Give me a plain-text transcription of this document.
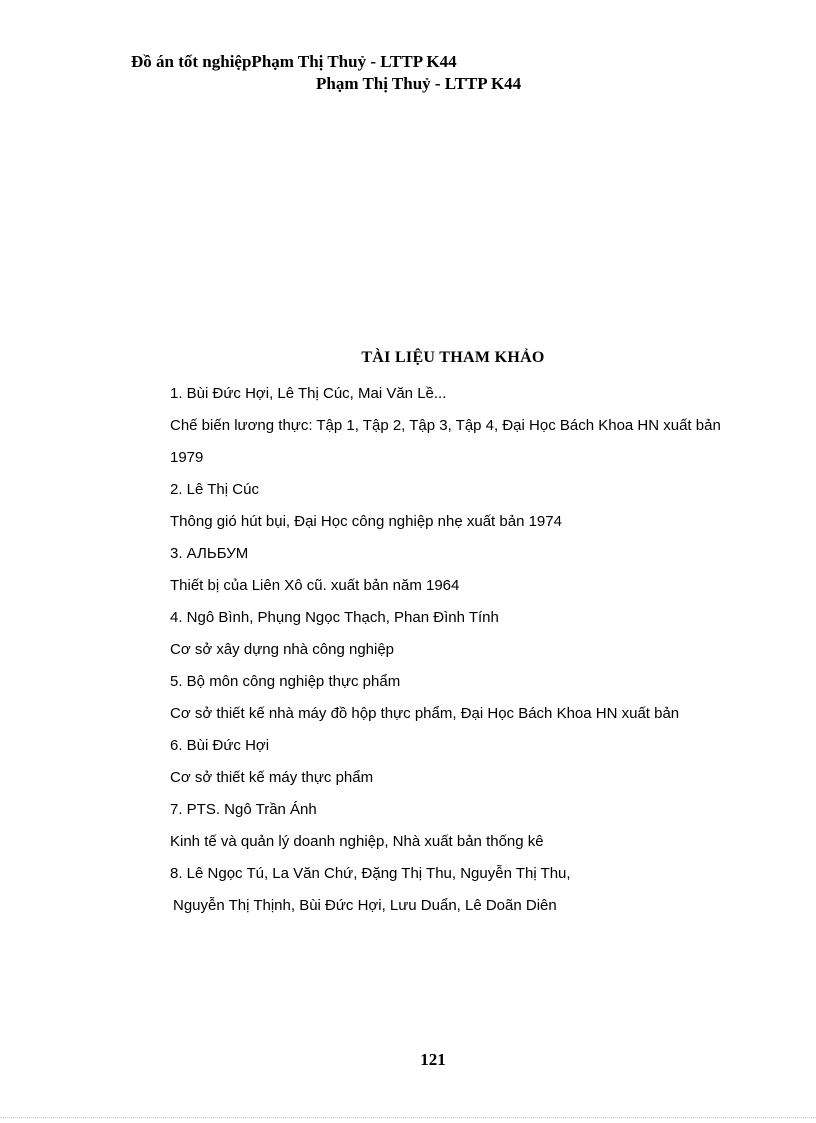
Đồ án tốt nghiệpPhạm Thị Thuỷ - LTTP K44
Phạm Thị Thuỷ - LTTP K44
TÀI LIỆU THAM KHẢO
1. Bùi Đức Hợi, Lê Thị Cúc, Mai Văn Lề...
Chế biến lương thực: Tập 1, Tập 2, Tập 3, Tập 4, Đại Học Bách Khoa HN xuất bản 1979
2. Lê Thị Cúc
Thông gió hút bụi, Đại Học công nghiệp nhẹ xuất bản 1974
3. АЛЬБУМ
Thiết bị của Liên Xô cũ. xuất bản năm 1964
4. Ngô Bình, Phụng Ngọc Thạch, Phan Đình Tính
Cơ sở xây dựng nhà công nghiệp
5. Bộ môn công nghiệp thực phẩm
Cơ sở thiết kế nhà máy đồ hộp thực phẩm, Đại Học Bách Khoa HN xuất bản
6. Bùi Đức Hợi
Cơ sở thiết kế máy thực phẩm
7. PTS. Ngô Trần Ánh
Kinh tế và quản lý doanh nghiệp, Nhà xuất bản thống kê
8. Lê Ngọc Tú, La Văn Chứ, Đặng Thị Thu, Nguyễn Thị Thu,
Nguyễn Thị Thịnh, Bùi Đức Hợi, Lưu Duẩn, Lê Doãn Diên
121
